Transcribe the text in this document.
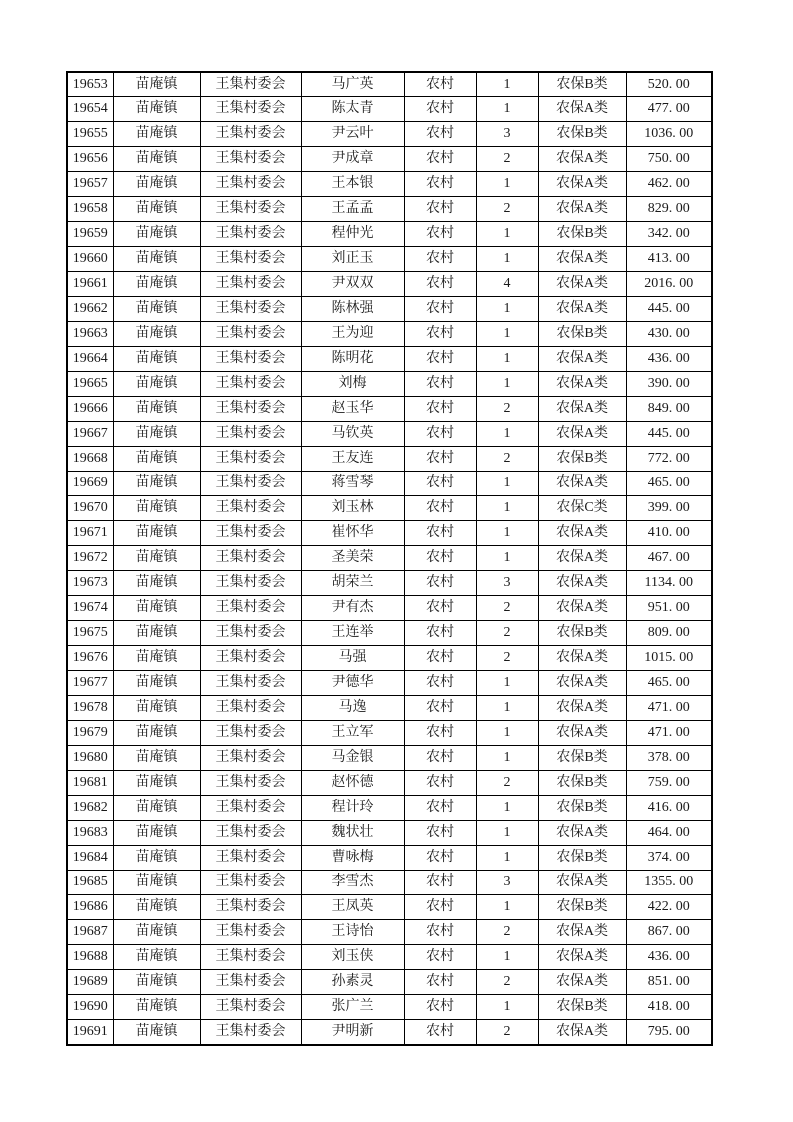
19653	苗庵镇	王集村委会	马广英	农村	1	农保B类	520. 00
19654	苗庵镇	王集村委会	陈太青	农村	1	农保A类	477. 00
19655	苗庵镇	王集村委会	尹云叶	农村	3	农保B类	1036. 00
19656	苗庵镇	王集村委会	尹成章	农村	2	农保A类	750. 00
19657	苗庵镇	王集村委会	王本银	农村	1	农保A类	462. 00
19658	苗庵镇	王集村委会	王孟孟	农村	2	农保A类	829. 00
19659	苗庵镇	王集村委会	程仲光	农村	1	农保B类	342. 00
19660	苗庵镇	王集村委会	刘正玉	农村	1	农保A类	413. 00
19661	苗庵镇	王集村委会	尹双双	农村	4	农保A类	2016. 00
19662	苗庵镇	王集村委会	陈林强	农村	1	农保A类	445. 00
19663	苗庵镇	王集村委会	王为迎	农村	1	农保B类	430. 00
19664	苗庵镇	王集村委会	陈明花	农村	1	农保A类	436. 00
19665	苗庵镇	王集村委会	刘梅	农村	1	农保A类	390. 00
19666	苗庵镇	王集村委会	赵玉华	农村	2	农保A类	849. 00
19667	苗庵镇	王集村委会	马钦英	农村	1	农保A类	445. 00
19668	苗庵镇	王集村委会	王友连	农村	2	农保B类	772. 00
19669	苗庵镇	王集村委会	蒋雪琴	农村	1	农保A类	465. 00
19670	苗庵镇	王集村委会	刘玉林	农村	1	农保C类	399. 00
19671	苗庵镇	王集村委会	崔怀华	农村	1	农保A类	410. 00
19672	苗庵镇	王集村委会	圣美荣	农村	1	农保A类	467. 00
19673	苗庵镇	王集村委会	胡荣兰	农村	3	农保A类	1134. 00
19674	苗庵镇	王集村委会	尹有杰	农村	2	农保A类	951. 00
19675	苗庵镇	王集村委会	王连举	农村	2	农保B类	809. 00
19676	苗庵镇	王集村委会	马强	农村	2	农保A类	1015. 00
19677	苗庵镇	王集村委会	尹德华	农村	1	农保A类	465. 00
19678	苗庵镇	王集村委会	马逸	农村	1	农保A类	471. 00
19679	苗庵镇	王集村委会	王立军	农村	1	农保A类	471. 00
19680	苗庵镇	王集村委会	马金银	农村	1	农保B类	378. 00
19681	苗庵镇	王集村委会	赵怀德	农村	2	农保B类	759. 00
19682	苗庵镇	王集村委会	程计玲	农村	1	农保B类	416. 00
19683	苗庵镇	王集村委会	魏状壮	农村	1	农保A类	464. 00
19684	苗庵镇	王集村委会	曹咏梅	农村	1	农保B类	374. 00
19685	苗庵镇	王集村委会	李雪杰	农村	3	农保A类	1355. 00
19686	苗庵镇	王集村委会	王凤英	农村	1	农保B类	422. 00
19687	苗庵镇	王集村委会	王诗怡	农村	2	农保A类	867. 00
19688	苗庵镇	王集村委会	刘玉侠	农村	1	农保A类	436. 00
19689	苗庵镇	王集村委会	孙素灵	农村	2	农保A类	851. 00
19690	苗庵镇	王集村委会	张广兰	农村	1	农保B类	418. 00
19691	苗庵镇	王集村委会	尹明新	农村	2	农保A类	795. 00
